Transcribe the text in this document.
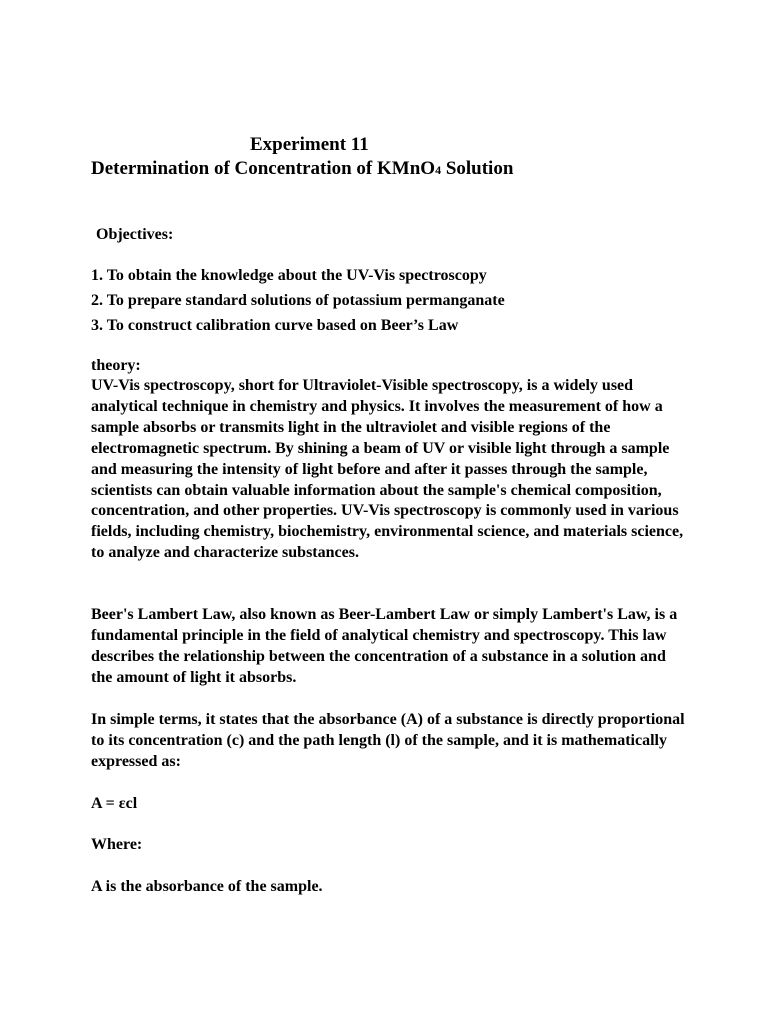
Experiment 11
Determination of Concentration of KMnO4 Solution
Objectives:
1. To obtain the knowledge about the UV-Vis spectroscopy
2. To prepare standard solutions of potassium permanganate
3. To construct calibration curve based on Beer’s Law
theory:

UV-Vis spectroscopy, short for Ultraviolet-Visible spectroscopy, is a widely used analytical technique in chemistry and physics. It involves the measurement of how a sample absorbs or transmits light in the ultraviolet and visible regions of the electromagnetic spectrum. By shining a beam of UV or visible light through a sample and measuring the intensity of light before and after it passes through the sample, scientists can obtain valuable information about the sample's chemical composition, concentration, and other properties. UV-Vis spectroscopy is commonly used in various fields, including chemistry, biochemistry, environmental science, and materials science, to analyze and characterize substances.

Beer's Lambert Law, also known as Beer-Lambert Law or simply Lambert's Law, is a fundamental principle in the field of analytical chemistry and spectroscopy. This law describes the relationship between the concentration of a substance in a solution and the amount of light it absorbs.

In simple terms, it states that the absorbance (A) of a substance is directly proportional to its concentration (c) and the path length (l) of the sample, and it is mathematically expressed as:

A = εcl
Where:
A is the absorbance of the sample.
